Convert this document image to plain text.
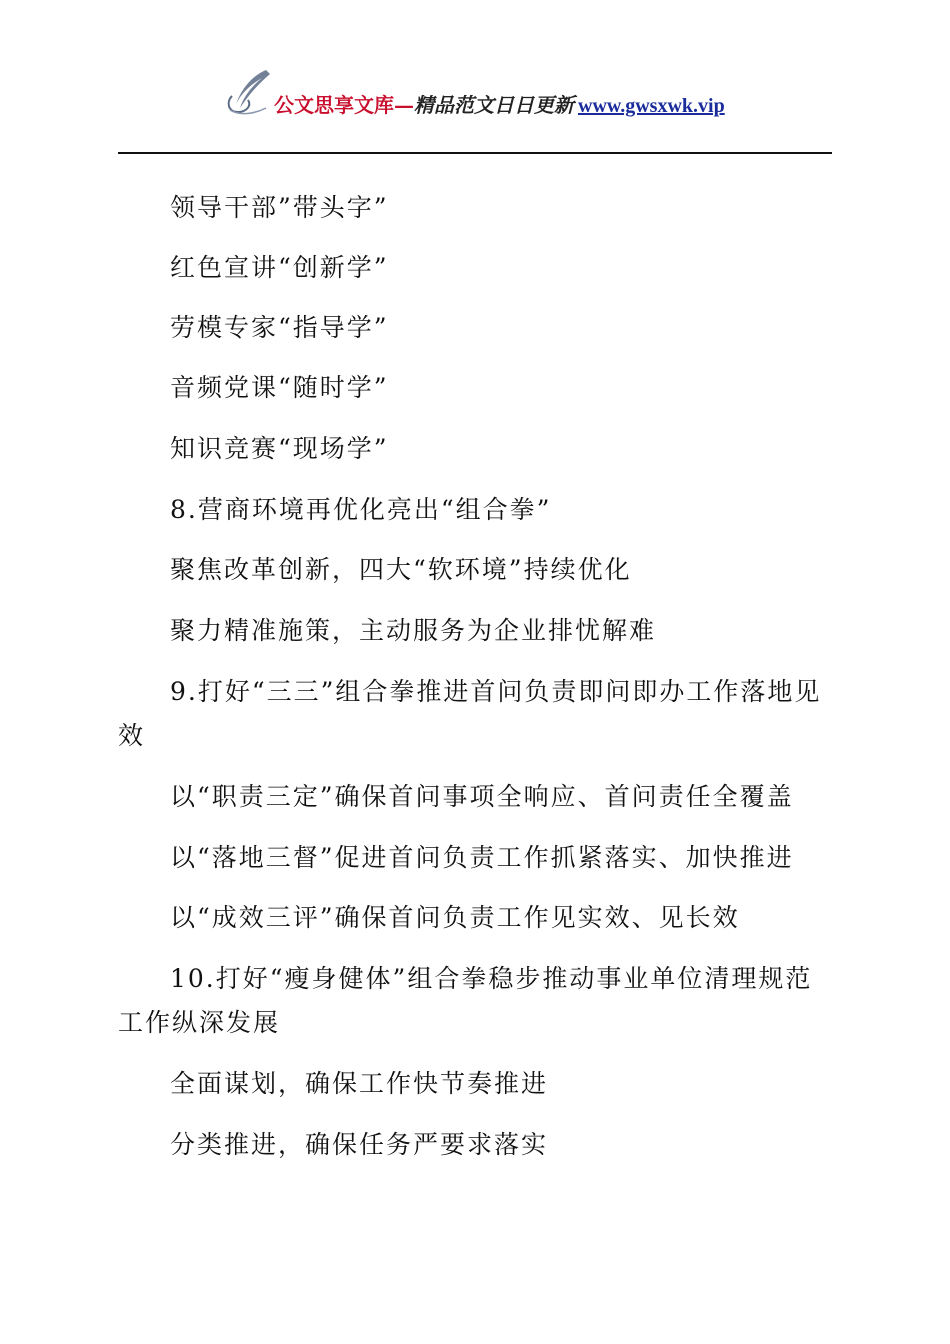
公文思享文库—精品范文日日更新 www.gwsxwk.vip
领导干部”带头字”
红色宣讲“创新学”
劳模专家“指导学”
音频党课“随时学”
知识竞赛“现场学”
8.营商环境再优化亮出“组合拳”
聚焦改革创新，四大“软环境”持续优化
聚力精准施策，主动服务为企业排忧解难
9.打好“三三”组合拳推进首问负责即问即办工作落地见效
以“职责三定”确保首问事项全响应、首问责任全覆盖
以“落地三督”促进首问负责工作抓紧落实、加快推进
以“成效三评”确保首问负责工作见实效、见长效
10.打好“瘦身健体”组合拳稳步推动事业单位清理规范工作纵深发展
全面谋划，确保工作快节奏推进
分类推进，确保任务严要求落实
